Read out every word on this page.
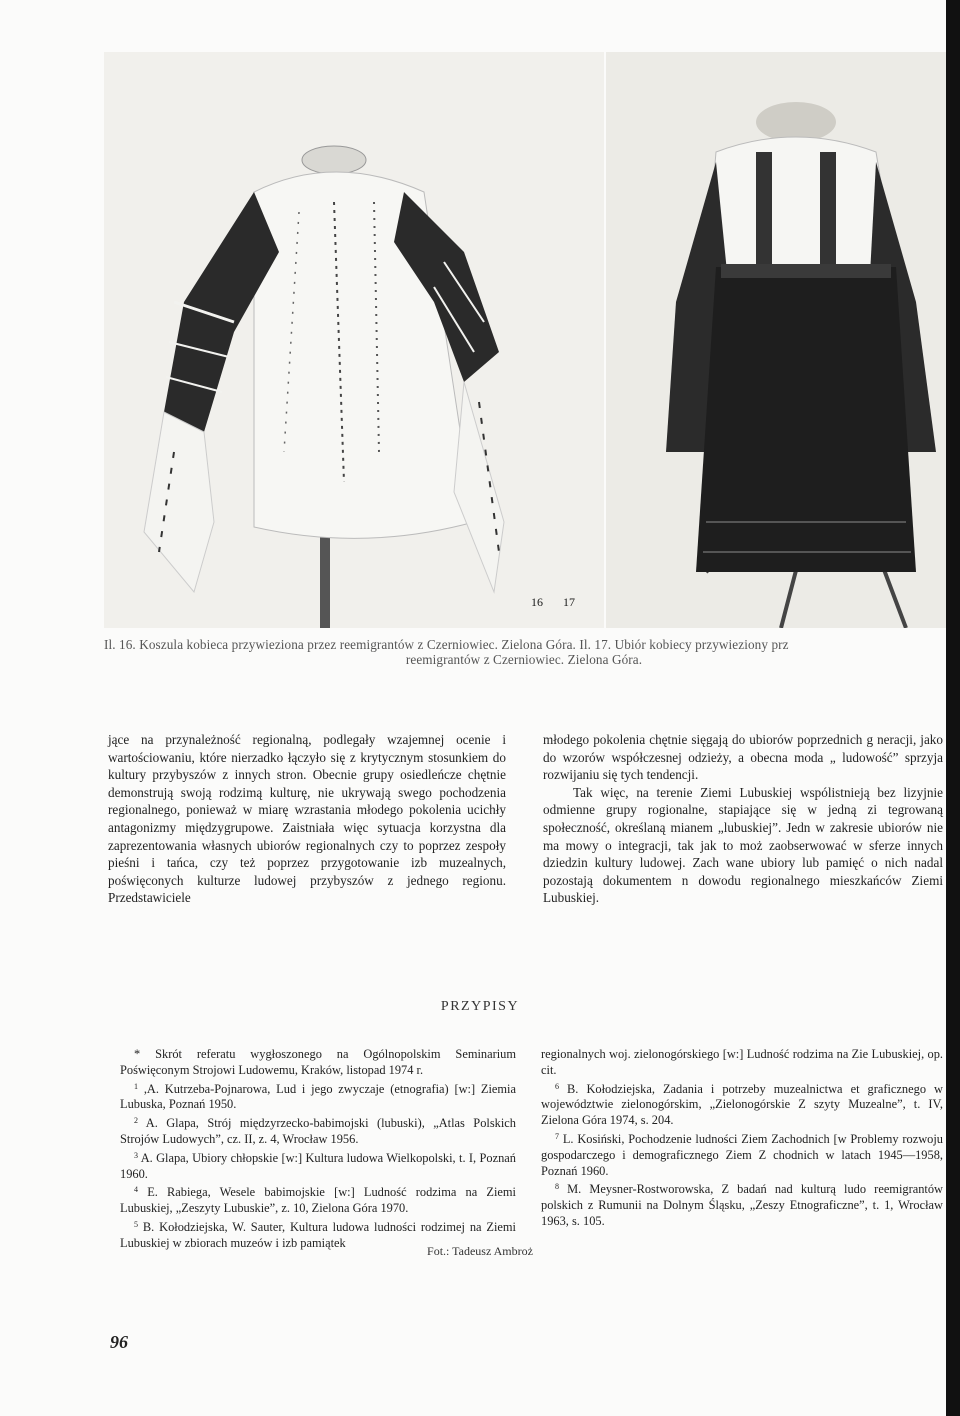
16 17
Il. 16. Koszula kobieca przywieziona przez reemigrantów z Czerniowiec. Zielona Góra. Il. 17. Ubiór kobiecy przywieziony prz
reemigrantów z Czerniowiec. Zielona Góra.

jące na przynależność regionalną, podlegały wzajemnej ocenie i wartościowaniu, które nierzadko łączyło się z krytycznym stosunkiem do kultury przybyszów z innych stron. Obecnie grupy osiedleńcze chętnie demonstrują swoją rodzimą kulturę, nie ukrywają swego pochodzenia regionalnego, ponieważ w miarę wzrastania młodego pokolenia ucichły antagonizmy międzygrupowe. Zaistniała więc sytuacja korzystna dla zaprezentowania własnych ubiorów regionalnych czy to poprzez zespoły pieśni i tańca, czy też poprzez przygotowanie izb muzealnych, poświęconych kulturze ludowej przybyszów z jednego regionu. Przedstawiciele

młodego pokolenia chętnie sięgają do ubiorów poprzednich g neracji, jako do wzorów współczesnej odzieży, a obecna moda „ ludowość” sprzyja rozwijaniu się tych tendencji.

Tak więc, na terenie Ziemi Lubuskiej wspólistnieją bez lizyjnie odmienne grupy rogionalne, stapiające się w jedną zi tegrowaną społeczność, określaną mianem „lubuskiej”. Jedn w zakresie ubiorów nie ma mowy o integracji, tak jak to moż zaobserwować w sferze innych dziedzin kultury ludowej. Zach wane ubiory lub pamięć o nich nadal pozostają dokumentem n dowodu regionalnego mieszkańców Ziemi Lubuskiej.

PRZYPISY

* Skrót referatu wygłoszonego na Ogólnopolskim Seminarium Poświęconym Strojowi Ludowemu, Kraków, listopad 1974 r.

$^1$ ,A. Kutrzeba-Pojnarowa, Lud i jego zwyczaje (etnografia) [w:] Ziemia Lubuska, Poznań 1950.

$^2$ A. Glapa, Strój międzyrzecko-babimojski (lubuski), „Atlas Polskich Strojów Ludowych”, cz. II, z. 4, Wrocław 1956.

$^3$ A. Glapa, Ubiory chłopskie [w:] Kultura ludowa Wielkopolski, t. I, Poznań 1960.

$^4$ E. Rabiega, Wesele babimojskie [w:] Ludność rodzima na Ziemi Lubuskiej, „Zeszyty Lubuskie”, z. 10, Zielona Góra 1970.

$^5$ B. Kołodziejska, W. Sauter, Kultura ludowa ludności rodzimej na Ziemi Lubuskiej w zbiorach muzeów i izb pamiątek

regionalnych woj. zielonogórskiego [w:] Ludność rodzima na Zie Lubuskiej, op. cit.

$^6$ B. Kołodziejska, Zadania i potrzeby muzealnictwa et graficznego w województwie zielonogórskim, „Zielonogórskie Z szyty Muzealne”, t. IV, Zielona Góra 1974, s. 204.

$^7$ L. Kosiński, Pochodzenie ludności Ziem Zachodnich [w Problemy rozwoju gospodarczego i demograficznego Ziem Z chodnich w latach 1945—1958, Poznań 1960.

$^8$ M. Meysner-Rostworowska, Z badań nad kulturą ludo reemigrantów polskich z Rumunii na Dolnym Śląsku, „Zeszy Etnograficzne”, t. 1, Wrocław 1963, s. 105.

Fot.: Tadeusz Ambroż
96
